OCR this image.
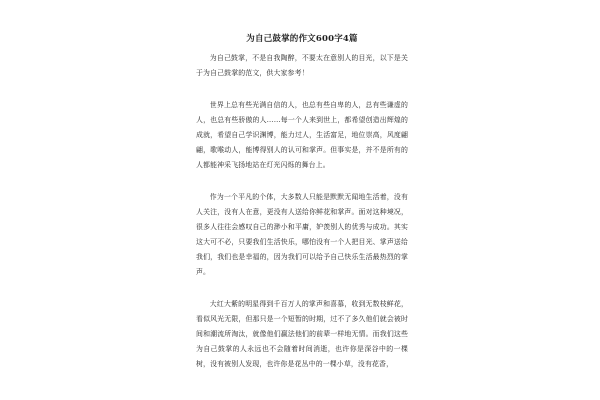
为自己鼓掌的作文600字4篇

为自己鼓掌，不是自我陶醉，不要太在意别人的目光，以下是关于为自己鼓掌的范文，供大家参考！

世界上总有些光满自信的人，也总有些自卑的人，总有些谦虚的人，也总有些骄傲的人……每一个人来到世上，都希望创造出辉煌的成就，希望自己学识渊博，能力过人，生活富足，地位崇高，风度翩翩，歌喉动人，能博得别人的认可和掌声。但事实是，并不是所有的人都能神采飞扬地站在灯光闪烁的舞台上。

作为一个平凡的个体，大多数人只能是默默无闻地生活着，没有人关注，没有人在意，更没有人送给你鲜花和掌声。面对这种境况，很多人往往会感叹自己的渺小和平庸，妒羡别人的优秀与成功。其实这大可不必，只要我们生活快乐，哪怕没有一个人把目光、掌声送给我们，我们也是幸福的，因为我们可以给予自己快乐生活最热烈的掌声。

大红大紫的明星得到千百万人的掌声和喜慕，收到无数枝鲜花，看似风光无限，但那只是一个短暂的时期，过不了多久他们就会被时间和潮流所淘汰，就像他们赢法他们的前辈一样地无情。而我们这些为自己鼓掌的人永远也不会随着时间消逝，也许你是深谷中的一棵树，没有被别人发现，也许你是花丛中的一棵小草，没有花香，
